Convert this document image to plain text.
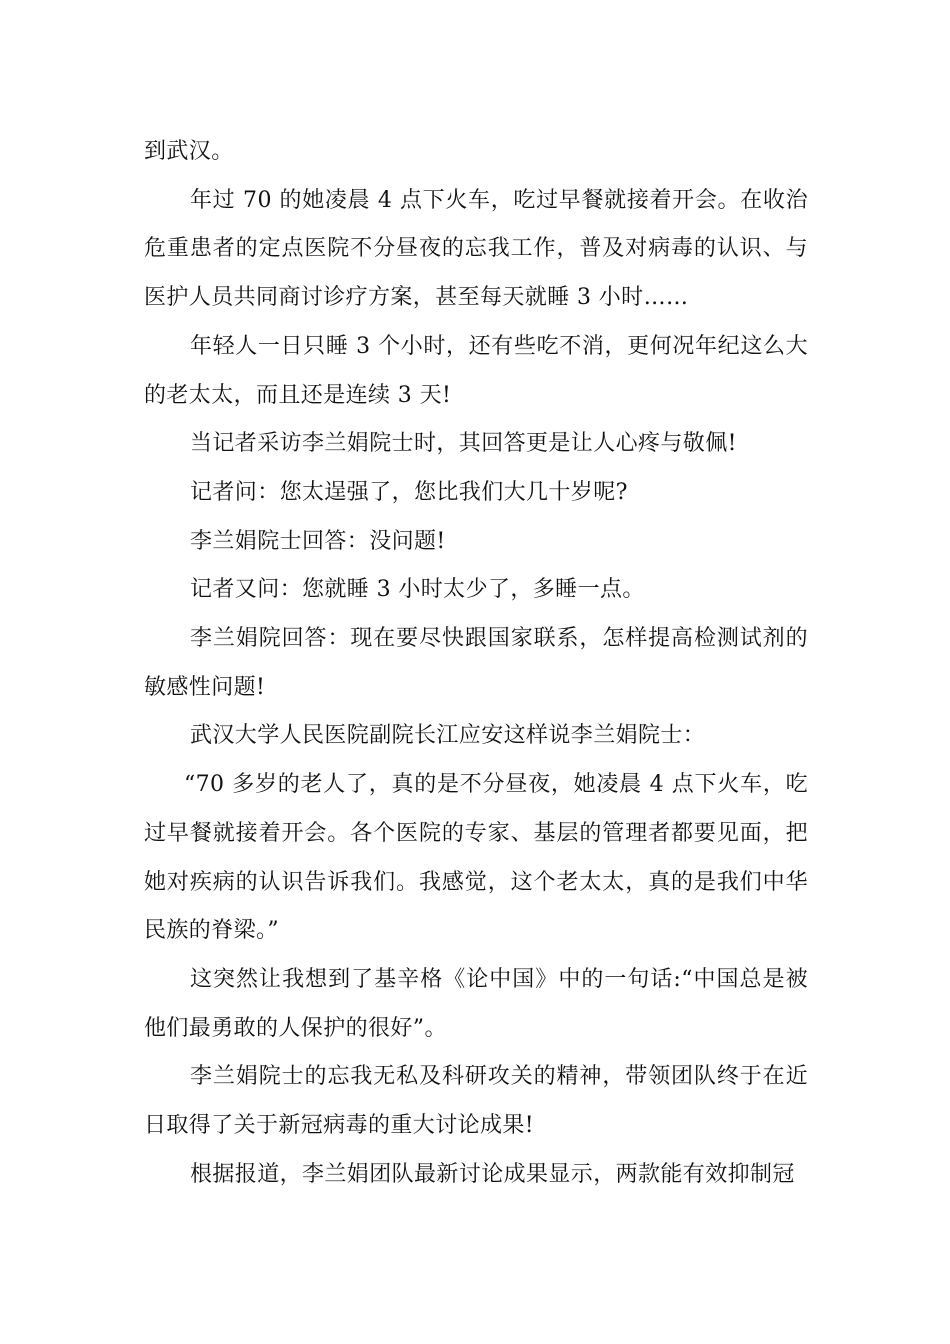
到武汉。

年过 70 的她凌晨 4 点下火车，吃过早餐就接着开会。在收治危重患者的定点医院不分昼夜的忘我工作，普及对病毒的认识、与医护人员共同商讨诊疗方案，甚至每天就睡 3 小时……

年轻人一日只睡 3 个小时，还有些吃不消，更何况年纪这么大的老太太，而且还是连续 3 天!

当记者采访李兰娟院士时，其回答更是让人心疼与敬佩!

记者问：您太逞强了，您比我们大几十岁呢?

李兰娟院士回答：没问题!

记者又问：您就睡 3 小时太少了，多睡一点。

李兰娟院回答：现在要尽快跟国家联系，怎样提高检测试剂的敏感性问题!

武汉大学人民医院副院长江应安这样说李兰娟院士：

“70 多岁的老人了，真的是不分昼夜，她凌晨 4 点下火车，吃过早餐就接着开会。各个医院的专家、基层的管理者都要见面，把她对疾病的认识告诉我们。我感觉，这个老太太，真的是我们中华民族的脊梁。”

这突然让我想到了基辛格《论中国》中的一句话:“中国总是被他们最勇敢的人保护的很好”。

李兰娟院士的忘我无私及科研攻关的精神，带领团队终于在近日取得了关于新冠病毒的重大讨论成果!

根据报道，李兰娟团队最新讨论成果显示，两款能有效抑制冠
